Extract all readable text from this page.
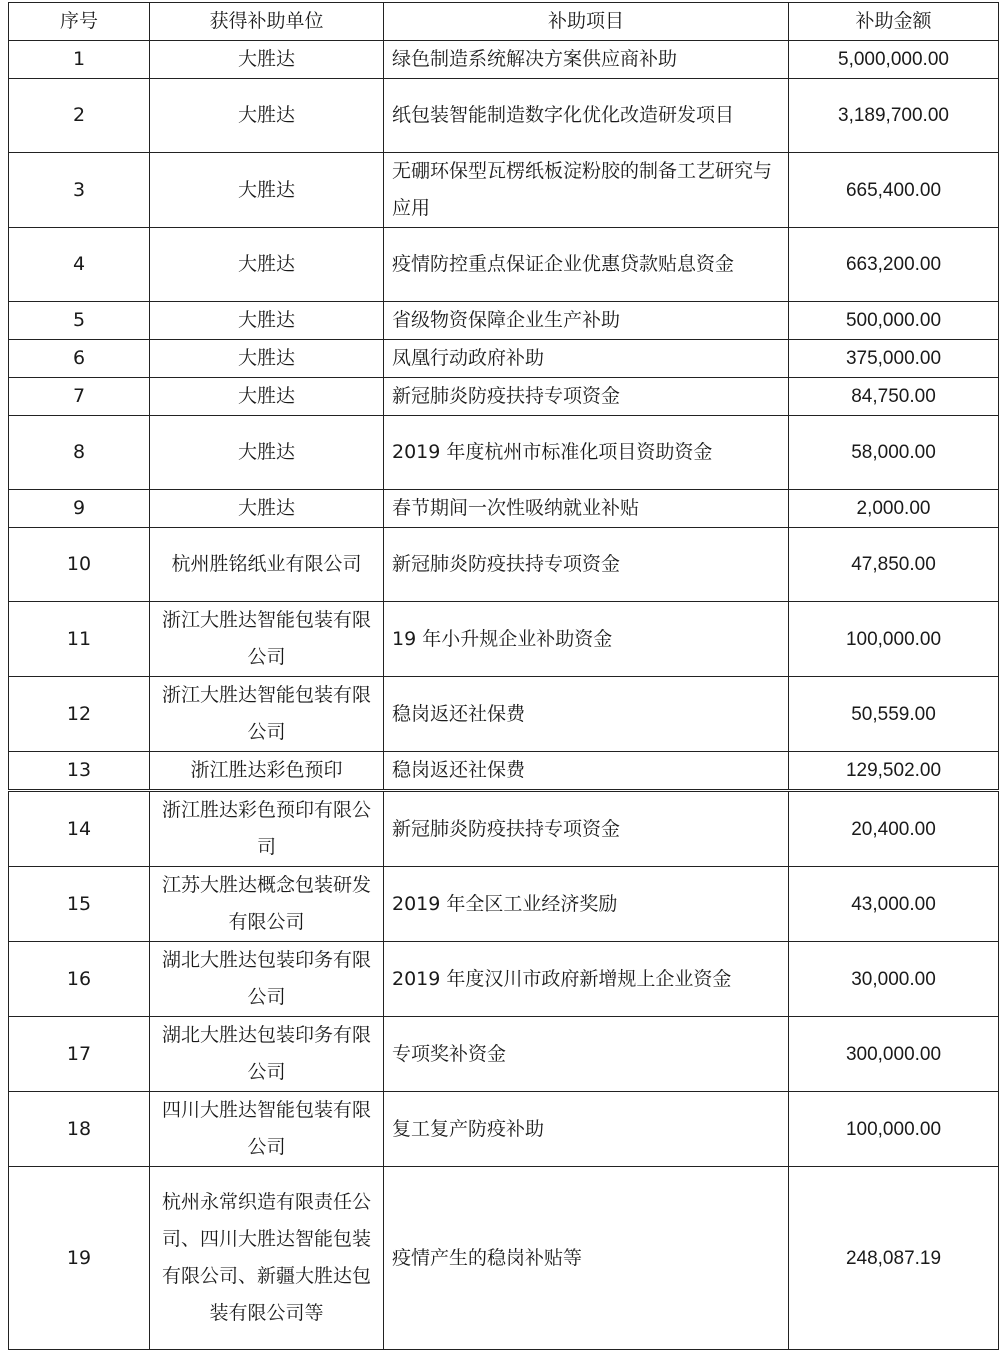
序号	获得补助单位	补助项目	补助金额
1	大胜达	绿色制造系统解决方案供应商补助	5,000,000.00
2	大胜达	纸包装智能制造数字化优化改造研发项目	3,189,700.00
3	大胜达	无硼环保型瓦楞纸板淀粉胶的制备工艺研究与应用	665,400.00
4	大胜达	疫情防控重点保证企业优惠贷款贴息资金	663,200.00
5	大胜达	省级物资保障企业生产补助	500,000.00
6	大胜达	凤凰行动政府补助	375,000.00
7	大胜达	新冠肺炎防疫扶持专项资金	84,750.00
8	大胜达	2019 年度杭州市标准化项目资助资金	58,000.00
9	大胜达	春节期间一次性吸纳就业补贴	2,000.00
10	杭州胜铭纸业有限公司	新冠肺炎防疫扶持专项资金	47,850.00
11	浙江大胜达智能包装有限公司	19 年小升规企业补助资金	100,000.00
12	浙江大胜达智能包装有限公司	稳岗返还社保费	50,559.00
13	浙江胜达彩色预印	稳岗返还社保费	129,502.00
14	浙江胜达彩色预印有限公司	新冠肺炎防疫扶持专项资金	20,400.00
15	江苏大胜达概念包装研发有限公司	2019 年全区工业经济奖励	43,000.00
16	湖北大胜达包装印务有限公司	2019 年度汉川市政府新增规上企业资金	30,000.00
17	湖北大胜达包装印务有限公司	专项奖补资金	300,000.00
18	四川大胜达智能包装有限公司	复工复产防疫补助	100,000.00
19	杭州永常织造有限责任公司、四川大胜达智能包装有限公司、新疆大胜达包装有限公司等	疫情产生的稳岗补贴等	248,087.19
